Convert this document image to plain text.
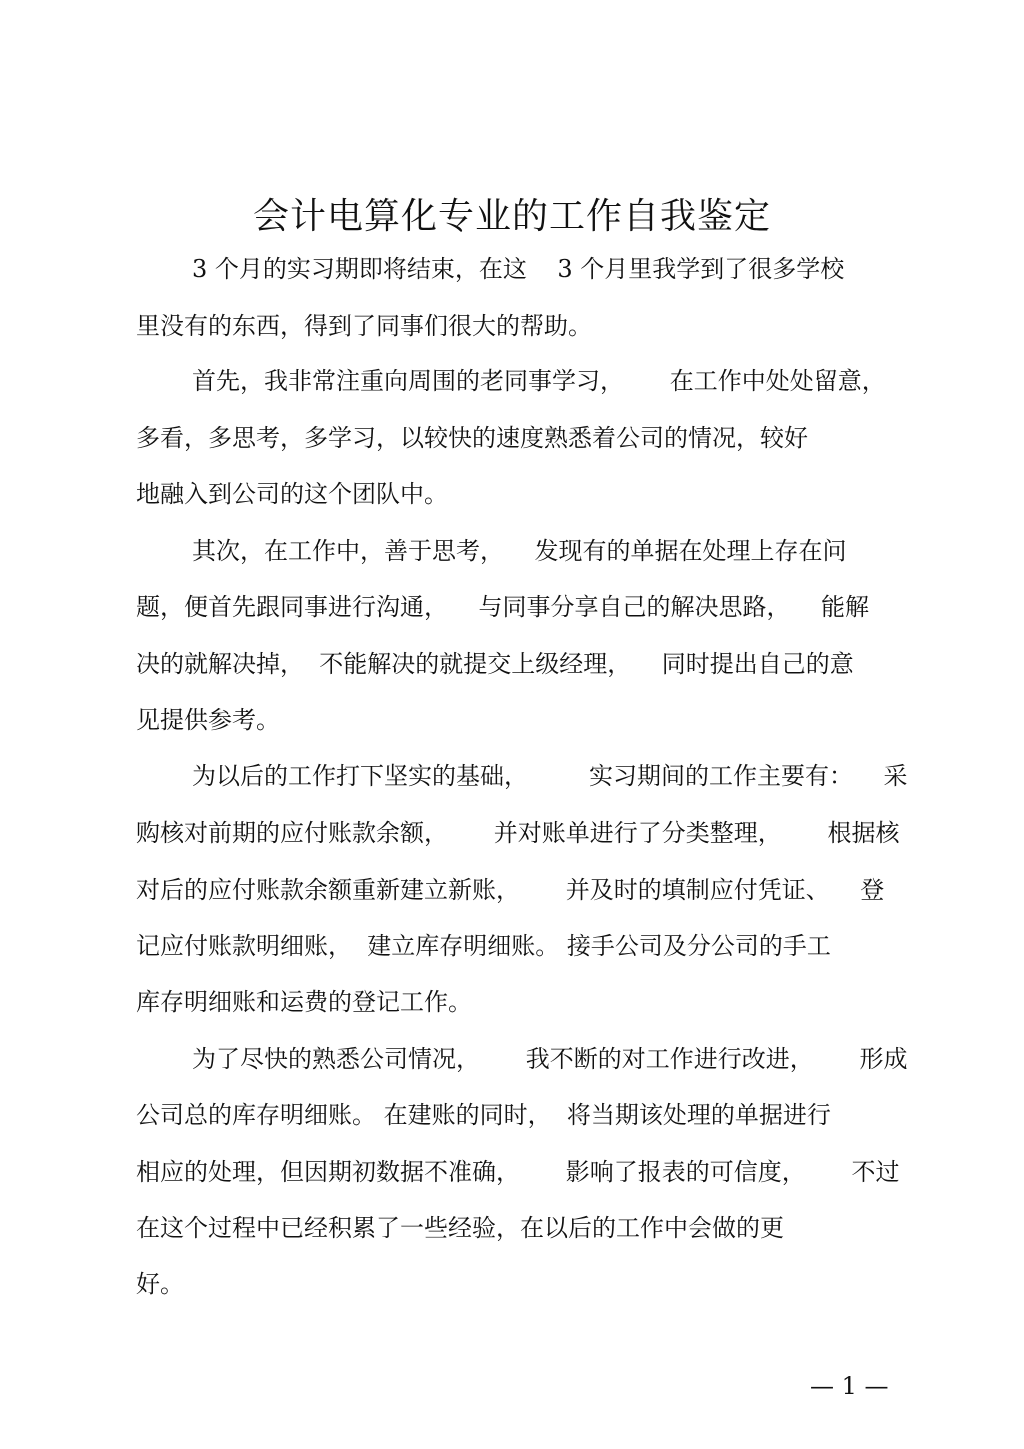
会计电算化专业的工作自我鉴定
3 个月的实习期即将结束，在这    3 个月里我学到了很多学校
里没有的东西，得到了同事们很大的帮助。
首先，我非常注重向周围的老同事学习，      在工作中处处留意，
多看，多思考，多学习，以较快的速度熟悉着公司的情况，较好
地融入到公司的这个团队中。
其次，在工作中，善于思考，    发现有的单据在处理上存在问
题，便首先跟同事进行沟通，    与同事分享自己的解决思路，    能解
决的就解决掉，  不能解决的就提交上级经理，    同时提出自己的意
见提供参考。
为以后的工作打下坚实的基础，        实习期间的工作主要有：    采
购核对前期的应付账款余额，      并对账单进行了分类整理，      根据核
对后的应付账款余额重新建立新账，      并及时的填制应付凭证、    登
记应付账款明细账，  建立库存明细账。 接手公司及分公司的手工
库存明细账和运费的登记工作。
为了尽快的熟悉公司情况，      我不断的对工作进行改进，      形成
公司总的库存明细账。 在建账的同时，  将当期该处理的单据进行
相应的处理，但因期初数据不准确，      影响了报表的可信度，      不过
在这个过程中已经积累了一些经验，在以后的工作中会做的更
好。
— 1 —
